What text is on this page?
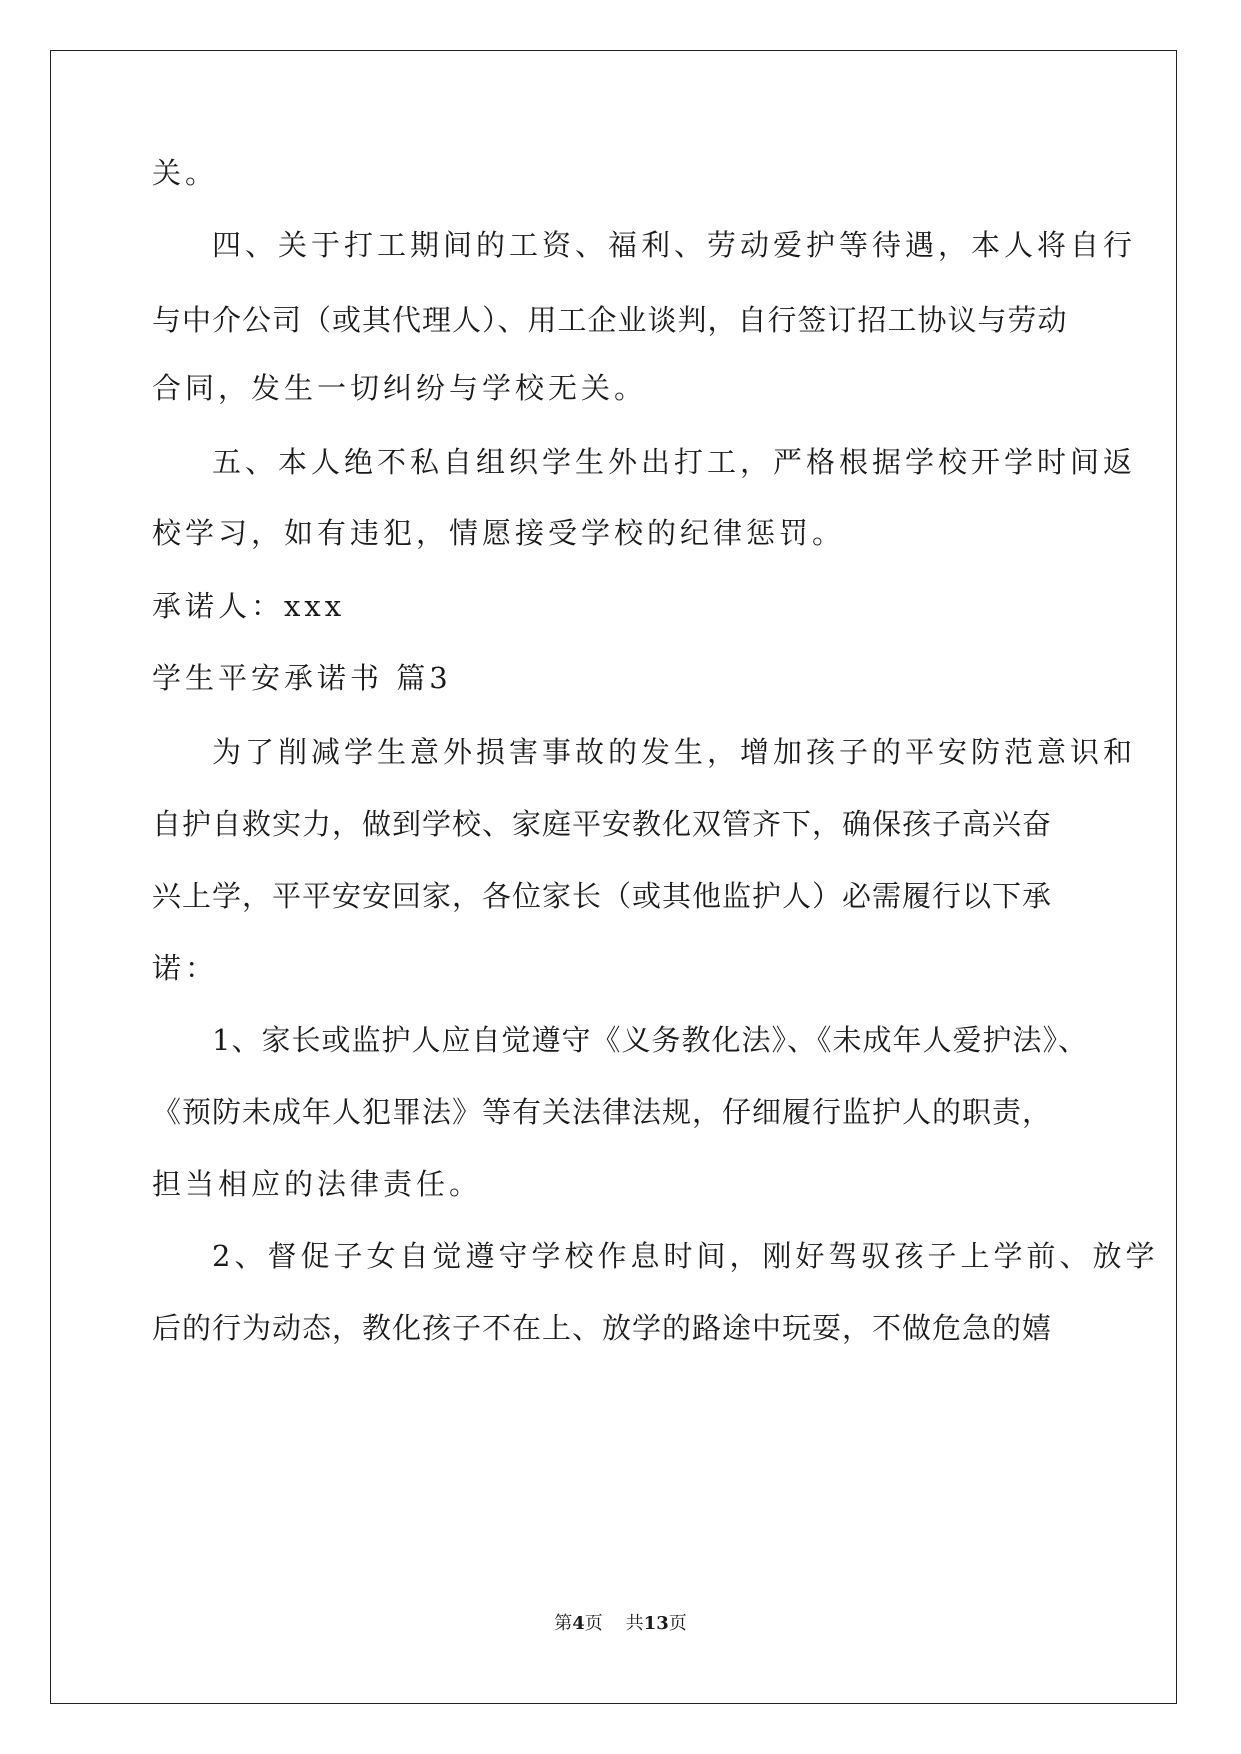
关。
四、关于打工期间的工资、福利、劳动爱护等待遇，本人将自行
与中介公司（或其代理人）、用工企业谈判，自行签订招工协议与劳动
合同，发生一切纠纷与学校无关。
五、本人绝不私自组织学生外出打工，严格根据学校开学时间返
校学习，如有违犯，情愿接受学校的纪律惩罚。
承诺人：xxx
学生平安承诺书 篇3
为了削减学生意外损害事故的发生，增加孩子的平安防范意识和
自护自救实力，做到学校、家庭平安教化双管齐下，确保孩子高兴奋
兴上学，平平安安回家，各位家长（或其他监护人）必需履行以下承
诺：
1、家长或监护人应自觉遵守《义务教化法》、《未成年人爱护法》、
《预防未成年人犯罪法》等有关法律法规，仔细履行监护人的职责，
担当相应的法律责任。
2、督促子女自觉遵守学校作息时间，刚好驾驭孩子上学前、放学
后的行为动态，教化孩子不在上、放学的路途中玩耍，不做危急的嬉
第4页 共13页
